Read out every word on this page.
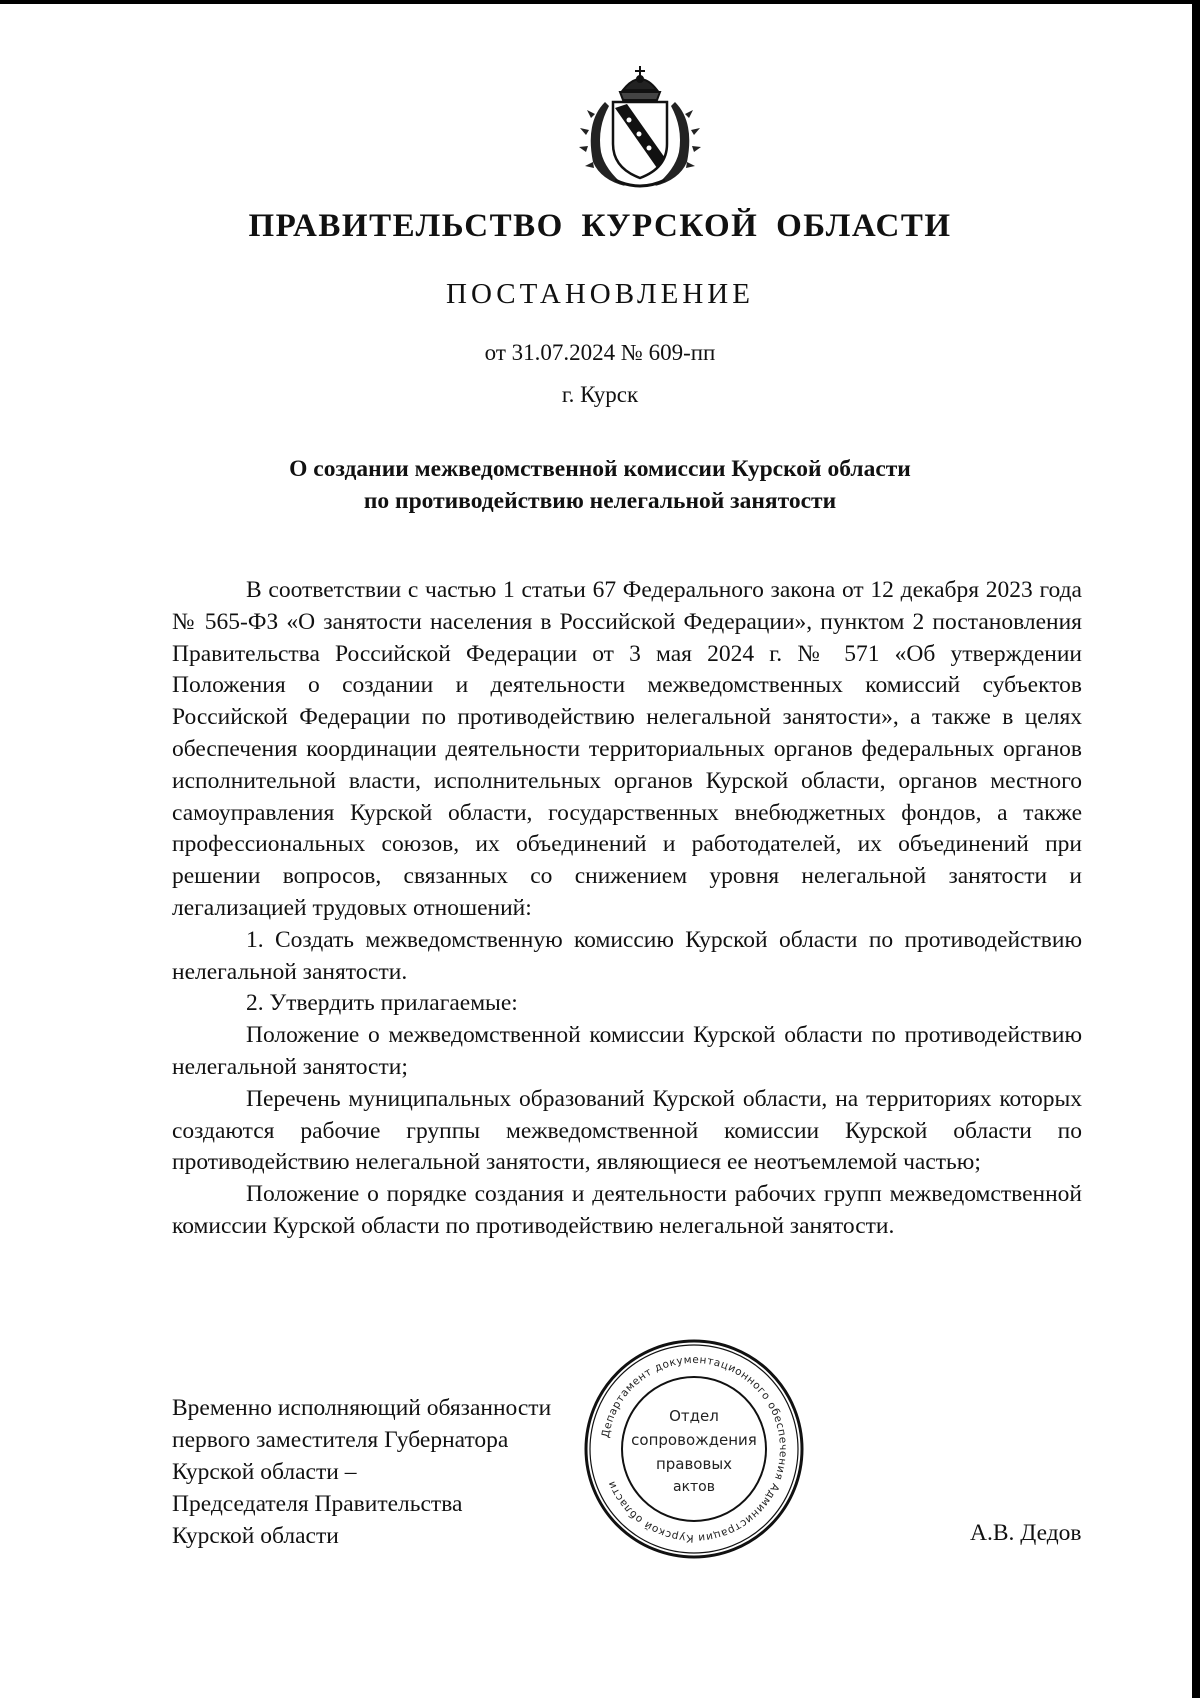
ПРАВИТЕЛЬСТВО КУРСКОЙ ОБЛАСТИ
ПОСТАНОВЛЕНИЕ
от 31.07.2024 № 609-пп
г. Курск
О создании межведомственной комиссии Курской области
по противодействию нелегальной занятости

В соответствии с частью 1 статьи 67 Федерального закона от 12 декабря 2023 года № 565-ФЗ «О занятости населения в Российской Федерации», пунктом 2 постановления Правительства Российской Федерации от 3 мая 2024 г. № 571 «Об утверждении Положения о создании и деятельности межведомственных комиссий субъектов Российской Федерации по противодействию нелегальной занятости», а также в целях обеспечения координации деятельности территориальных органов федеральных органов исполнительной власти, исполнительных органов Курской области, органов местного самоуправления Курской области, государственных внебюджетных фондов, а также профессиональных союзов, их объединений и работодателей, их объединений при решении вопросов, связанных со снижением уровня нелегальной занятости и легализацией трудовых отношений:

1. Создать межведомственную комиссию Курской области по противодействию нелегальной занятости.

2. Утвердить прилагаемые:

Положение о межведомственной комиссии Курской области по противодействию нелегальной занятости;

Перечень муниципальных образований Курской области, на территориях которых создаются рабочие группы межведомственной комиссии Курской области по противодействию нелегальной занятости, являющиеся ее неотъемлемой частью;

Положение о порядке создания и деятельности рабочих групп межведомственной комиссии Курской области по противодействию нелегальной занятости.

Временно исполняющий обязанности
первого заместителя Губернатора
Курской области –
Председателя Правительства
Курской области	А.В. Дедов
Департамент документационного обеспечения Администрации Курской области
Отдел
сопровождения
правовых
актов
